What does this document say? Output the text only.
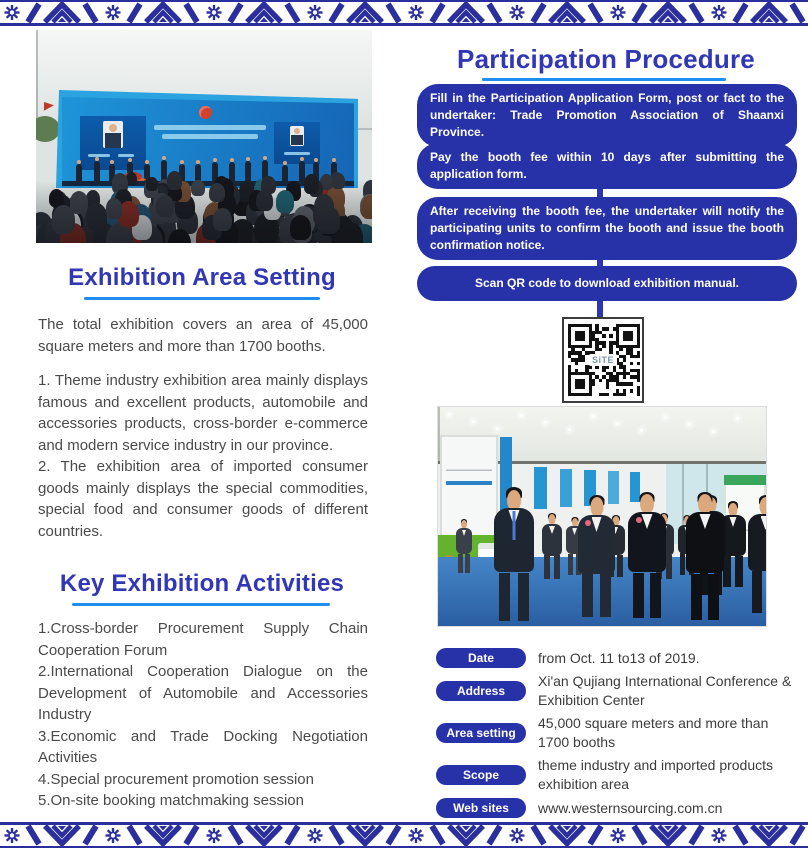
Exhibition Area Setting

The total exhibition covers an area of 45,000 square meters and more than 1700 booths.

1. Theme industry exhibition area mainly displays famous and excellent products, automobile and accessories products, cross-border e-commerce and modern service industry in our province.

2. The exhibition area of imported consumer goods mainly displays the special commodities, special food and consumer goods of different countries.

Key Exhibition Activities
1.Cross-border Procurement Supply Chain Cooperation Forum
2.International Cooperation Dialogue on the Development of Automobile and Accessories Industry
3.Economic and Trade Docking Negotiation Activities
4.Special procurement promotion session
5.On-site booking matchmaking session
Participation Procedure
Fill in the Participation Application Form, post or fact to the undertaker: Trade Promotion Association of Shaanxi Province.
Pay the booth fee within 10 days after submitting the application form.
After receiving the booth fee, the undertaker will notify the participating units to confirm the booth and issue the booth confirmation notice.
Scan QR code to download exhibition manual.
SiTE
Date	from Oct. 11 to13 of 2019.
Address
Xi'an Qujiang International Conference & Exhibition Center
Area setting
45,000 square meters and more than 1700 booths
Scope
theme industry and imported products exhibition area
Web sites	www.westernsourcing.com.cn
